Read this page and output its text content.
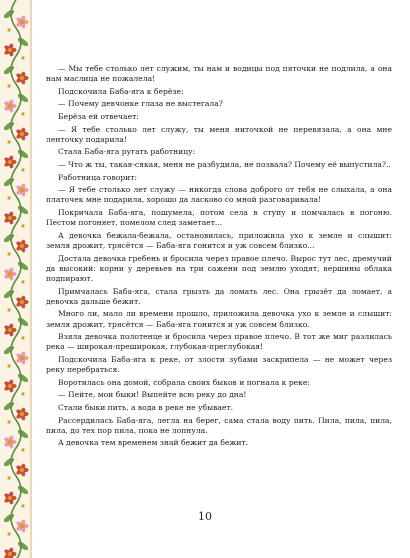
— Мы тебе столько лет служим, ты нам и водицы под пяточки не подлила, а она нам маслица не пожалела!

Подскочила Баба-яга к берёзе:

— Почему девчонке глаза не выстегала?

Берёза ей отвечает:

— Я тебе столько лет служу, ты меня ниточкой не перевязала, а она мне ленточку подарила!

Стала Баба-яга ругать работницу:

— Что ж ты, такая-сякая, меня не разбудила, не позвала? Почему её выпустила?..

Работница говорит:

— Я тебе столько лет служу — никогда слова доброго от тебя не слыхала, а она платочек мне подарила, хорошо да ласково со мной разговаривала!

Покричала Баба-яга, пошумела, потом села в ступу и помчалась в погоню. Пестом погоняет, помелом след заметает...

А девочка бежала-бежала, остановилась, приложила ухо к земле и слышит: земля дрожит, трясётся — Баба-яга гонится и уж совсем близко...

Достала девочка гребень и бросила через правое плечо. Вырос тут лес, дремучий да высокий: корни у деревьев на три сажени под землю уходят, вершины облака подпирают.

Примчалась Баба-яга, стала грызть да ломать лес. Она грызёт да ломает, а девочка дальше бежит.

Много ли, мало ли времени прошло, приложила девочка ухо к земле и слышит: земля дрожит, трясётся — Баба-яга гонится и уж совсем близко.

Взяла девочка полотенце и бросила через правое плечо. В тот же миг разлилась река — широкая-преширокая, глубокая-преглубокая!

Подскочила Баба-яга к реке, от злости зубами заскрипела — не может через реку перебраться.

Воротилась она домой, собрала своих быков и погнала к реке:

— Пейте, мои быки! Выпейте всю реку до дна!

Стали быки пить, а вода в реке не убывает.

Рассердилась Баба-яга, легла на берег, сама стала воду пить. Пила, пила, пила, пила, до тех пор пила, пока не лопнула.

А девочка тем временем знай бежит да бежит.

10
